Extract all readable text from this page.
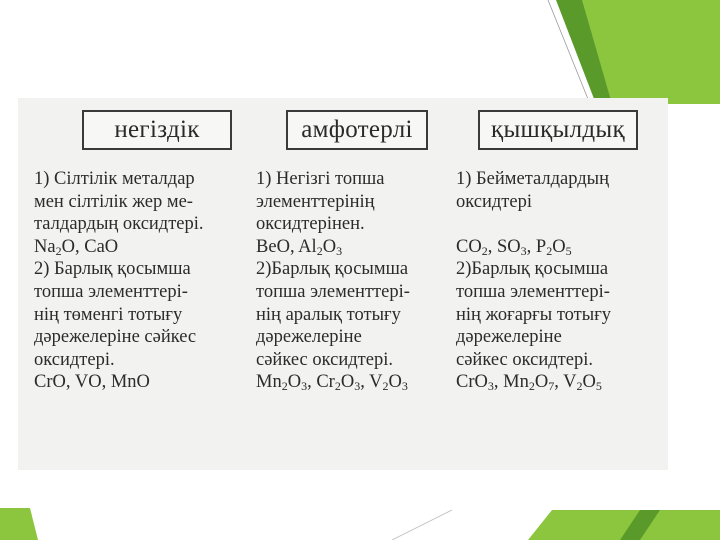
негіздік	амфотерлі	қышқылдық
1) Сілтілік металдар
мен сілтілік жер ме-
талдардың оксидтері.
$Na_2O$, CaO
2) Барлық қосымша
топша элементтері-
нің төменгі тотығу
дәрежелеріне сәйкес
оксидтері.
CrO, VO, MnO
1) Негізгі топша
элементтерінің
оксидтерінен.
BeO, $Al_2O_3$
2)Барлық қосымша
топша элементтері-
нің аралық тотығу
дәрежелеріне
сәйкес оксидтері.
$Mn_2O_3$, $Cr_2O_3$, $V_2O_3$
1) Бейметалдардың
оксидтері
$CO_2$, $SO_3$, $P_2O_5$
2)Барлық қосымша
топша элементтері-
нің жоғарғы тотығу
дәрежелеріне
сәйкес оксидтері.
CrO$_3$, $Mn_2O_7$, $V_2O_5$
